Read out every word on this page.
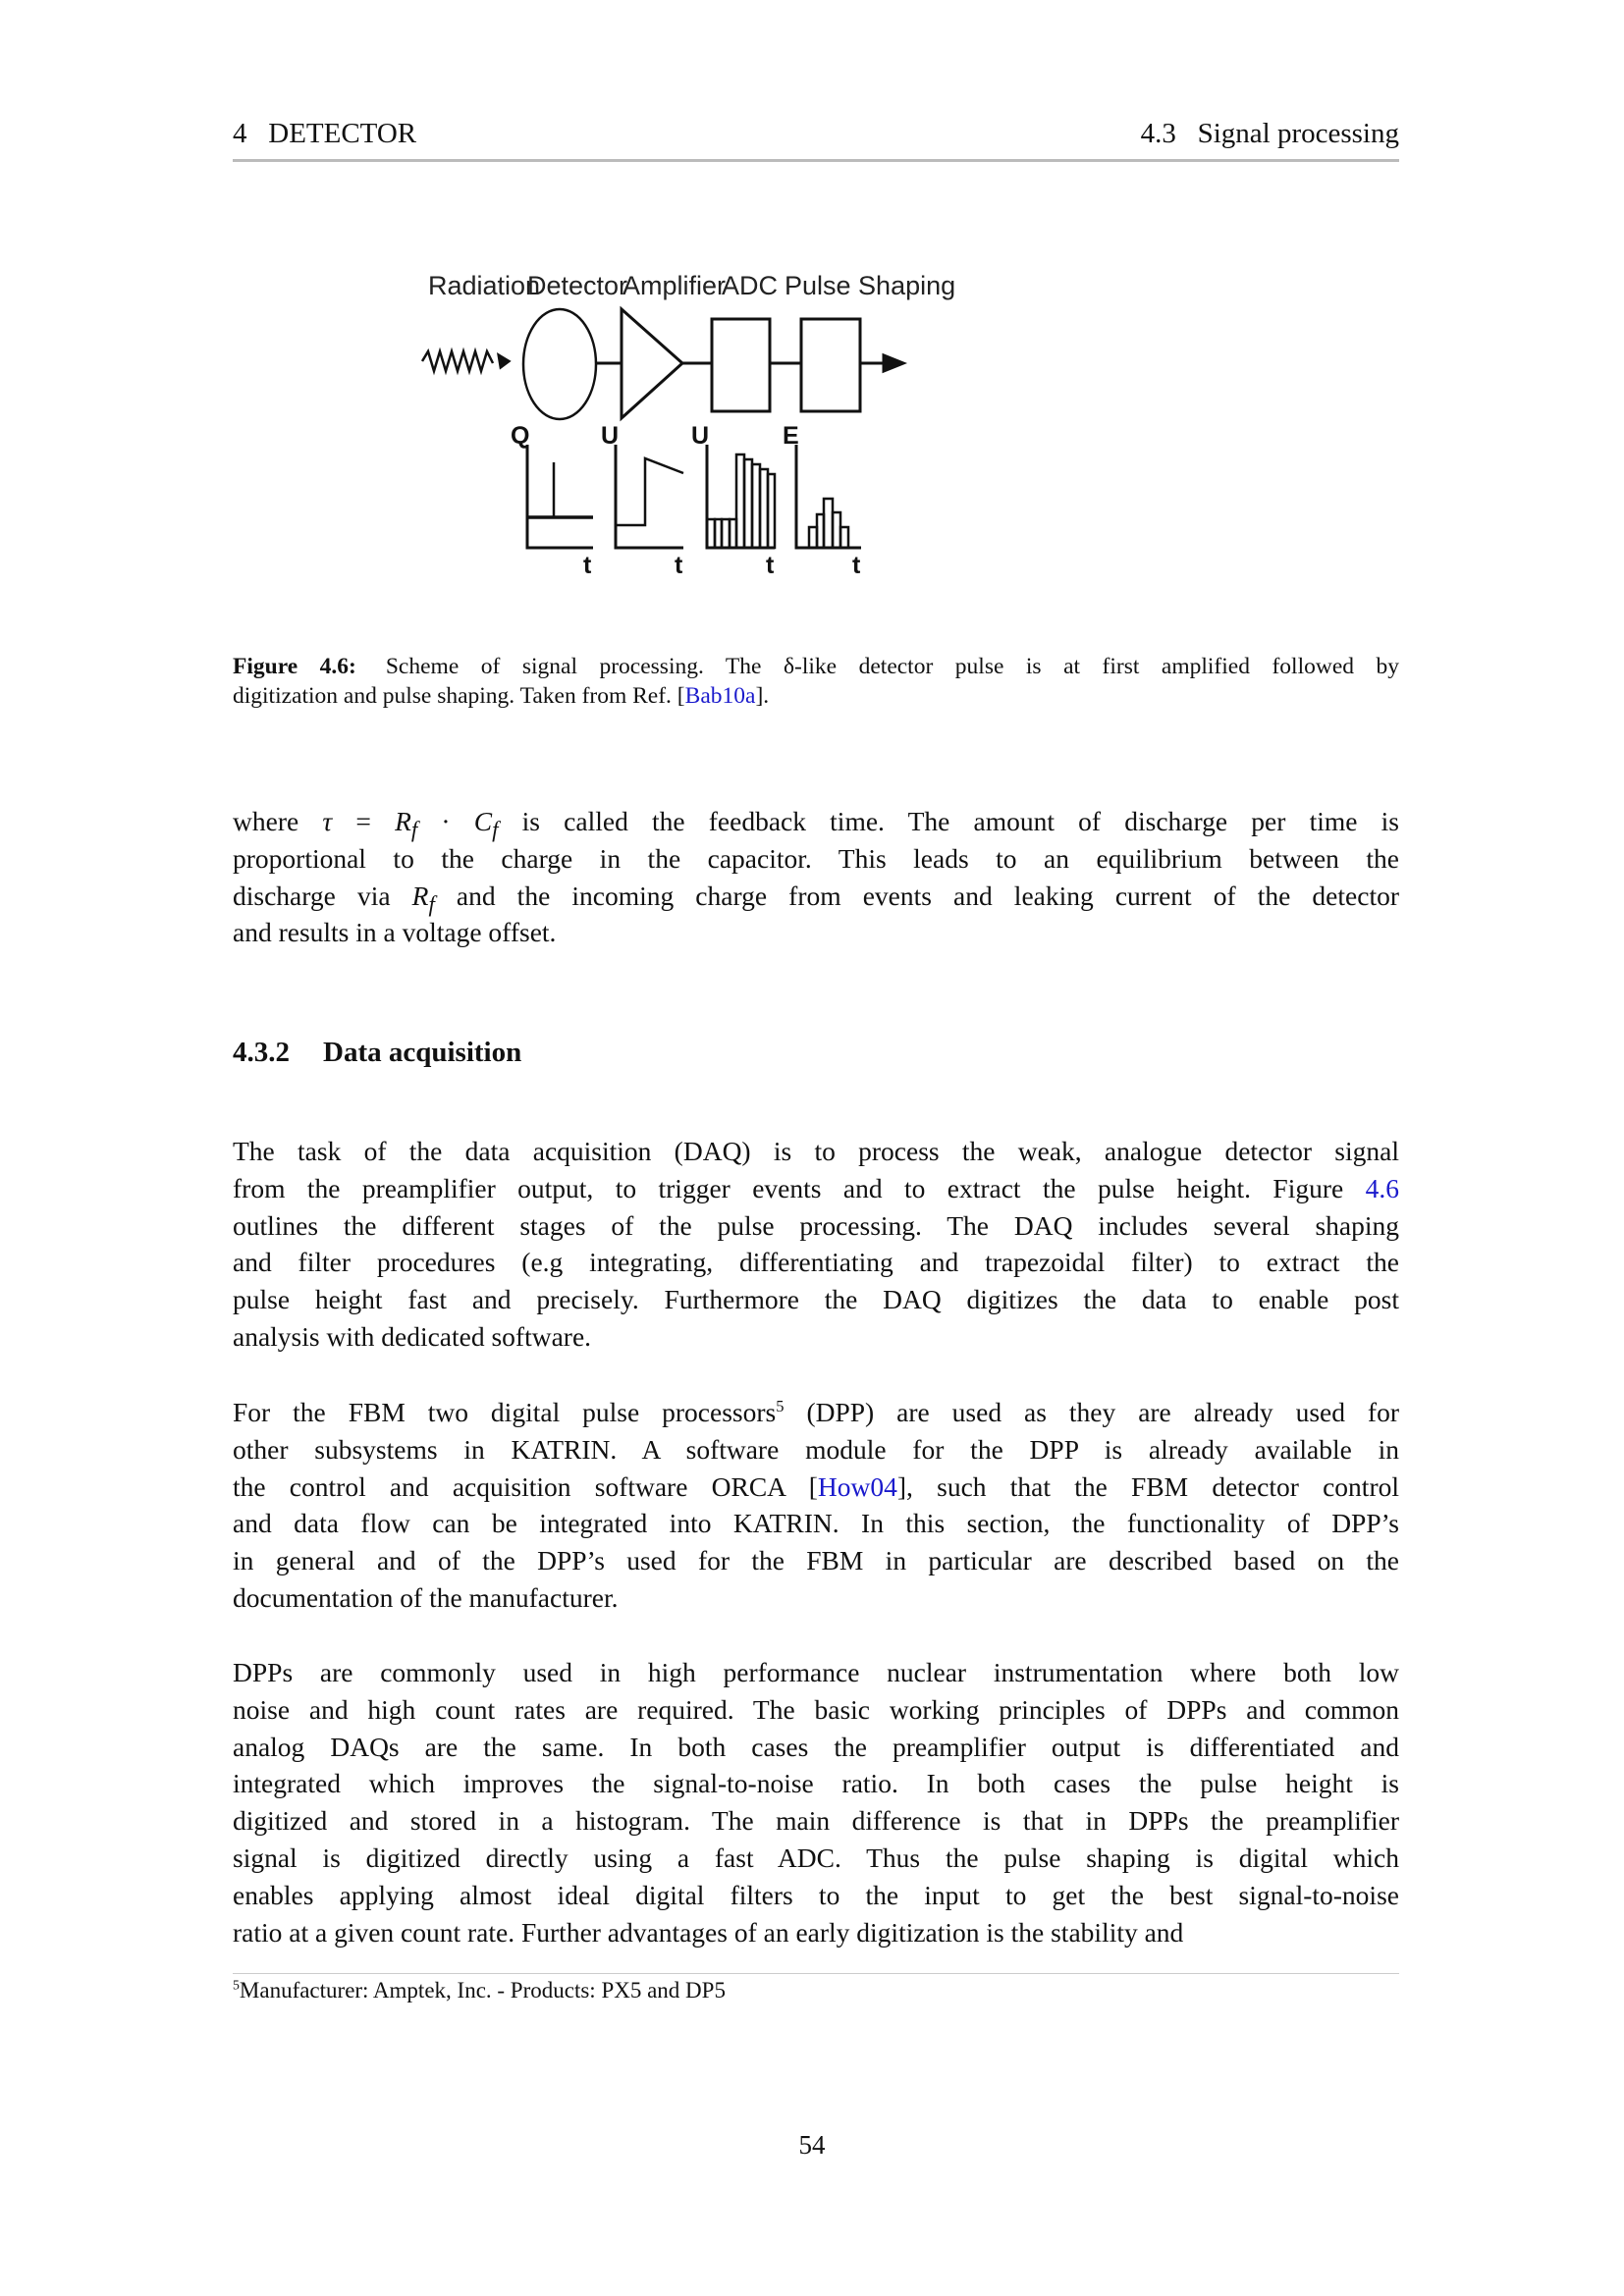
4   DETECTOR	4.3   Signal processing
Radiation
Detector
Amplifier
ADC Pulse Shaping
Q	U	U	E
t	t	t	t
Figure 4.6: Scheme of signal processing. The δ-like detector pulse is at first amplified followed by
digitization and pulse shaping. Taken from Ref. [Bab10a].
where $\tau = R_f \cdot C_f$ is called the feedback time. The amount of discharge per time is
proportional to the charge in the capacitor. This leads to an equilibrium between the
discharge via $R_f$ and the incoming charge from events and leaking current of the detector
and results in a voltage offset.
4.3.2 Data acquisition
The task of the data acquisition (DAQ) is to process the weak, analogue detector signal
from the preamplifier output, to trigger events and to extract the pulse height. Figure 4.6
outlines the different stages of the pulse processing. The DAQ includes several shaping
and filter procedures (e.g integrating, differentiating and trapezoidal filter) to extract the
pulse height fast and precisely. Furthermore the DAQ digitizes the data to enable post
analysis with dedicated software.
For the FBM two digital pulse processors$^5$ (DPP) are used as they are already used for
other subsystems in KATRIN. A software module for the DPP is already available in
the control and acquisition software ORCA [How04], such that the FBM detector control
and data flow can be integrated into KATRIN. In this section, the functionality of DPP’s
in general and of the DPP’s used for the FBM in particular are described based on the
documentation of the manufacturer.
DPPs are commonly used in high performance nuclear instrumentation where both low
noise and high count rates are required. The basic working principles of DPPs and common
analog DAQs are the same. In both cases the preamplifier output is differentiated and
integrated which improves the signal-to-noise ratio. In both cases the pulse height is
digitized and stored in a histogram. The main difference is that in DPPs the preamplifier
signal is digitized directly using a fast ADC. Thus the pulse shaping is digital which
enables applying almost ideal digital filters to the input to get the best signal-to-noise
ratio at a given count rate. Further advantages of an early digitization is the stability and
$^5$Manufacturer: Amptek, Inc. - Products: PX5 and DP5
54
